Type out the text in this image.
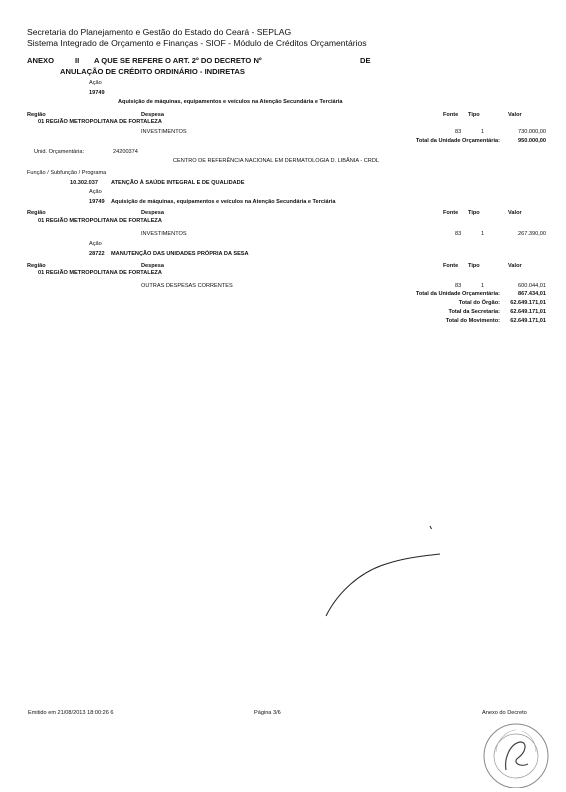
Secretaria do Planejamento e Gestão do Estado do Ceará - SEPLAG
Sistema Integrado de Orçamento e Finanças - SIOF - Módulo de Créditos Orçamentários
ANEXO	II A QUE SE REFERE O ART. 2º DO DECRETO Nº	DE
ANULAÇÃO DE CRÉDITO ORDINÁRIO - INDIRETAS
Ação
19749
Aquisição de máquinas, equipamentos e veículos na Atenção Secundária e Terciária
Região	Despesa	Fonte Tipo	Valor
01 REGIÃO METROPOLITANA DE FORTALEZA
INVESTIMENTOS	83	1	730.000,00
Total da Unidade Orçamentária:	950.000,00
Unid. Orçamentária:	24200374
CENTRO DE REFERÊNCIA NACIONAL EM DERMATOLOGIA D. LIBÂNIA - CRDL
Função / Subfunção / Programa
10.302.037 ATENÇÃO À SAÚDE INTEGRAL E DE QUALIDADE
Ação
19749 Aquisição de máquinas, equipamentos e veículos na Atenção Secundária e Terciária
Região	Despesa	Fonte Tipo	Valor
01 REGIÃO METROPOLITANA DE FORTALEZA
INVESTIMENTOS	83	1	267.390,00
Ação
28722 MANUTENÇÃO DAS UNIDADES PRÓPRIA DA SESA
Região	Despesa	Fonte Tipo	Valor
01 REGIÃO METROPOLITANA DE FORTALEZA
OUTRAS DESPESAS CORRENTES	83	1	600.044,01
Total da Unidade Orçamentária:	867.434,01
Total do Órgão:	62.649.171,01
Total da Secretaria:	62.649.171,01
Total do Movimento:	62.649.171,01
Emitido em 21/08/2013 18:00:26 6	Página 3/6	Anexo do Decreto
